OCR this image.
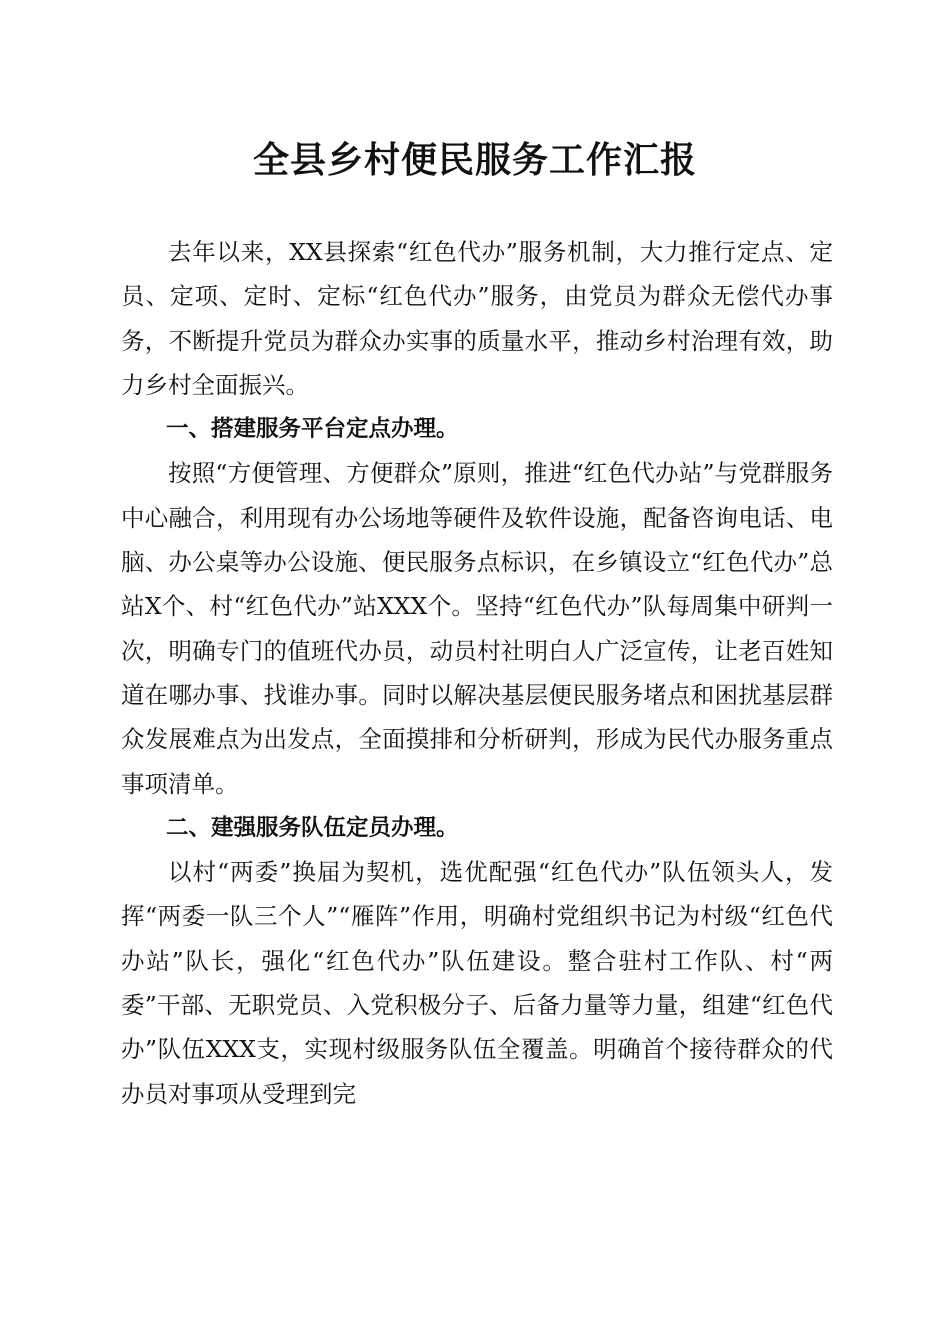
全县乡村便民服务工作汇报

去年以来，XX县探索“红色代办”服务机制，大力推行定点、定员、定项、定时、定标“红色代办”服务，由党员为群众无偿代办事务，不断提升党员为群众办实事的质量水平，推动乡村治理有效，助力乡村全面振兴。

一、搭建服务平台定点办理。

按照“方便管理、方便群众”原则，推进“红色代办站”与党群服务中心融合，利用现有办公场地等硬件及软件设施，配备咨询电话、电脑、办公桌等办公设施、便民服务点标识，在乡镇设立“红色代办”总站X个、村“红色代办”站XXX个。坚持“红色代办”队每周集中研判一次，明确专门的值班代办员，动员村社明白人广泛宣传，让老百姓知道在哪办事、找谁办事。同时以解决基层便民服务堵点和困扰基层群众发展难点为出发点，全面摸排和分析研判，形成为民代办服务重点事项清单。

二、建强服务队伍定员办理。

以村“两委”换届为契机，选优配强“红色代办”队伍领头人，发挥“两委一队三个人”“雁阵”作用，明确村党组织书记为村级“红色代办站”队长，强化“红色代办”队伍建设。整合驻村工作队、村“两委”干部、无职党员、入党积极分子、后备力量等力量，组建“红色代办”队伍XXX支，实现村级服务队伍全覆盖。明确首个接待群众的代办员对事项从受理到完
